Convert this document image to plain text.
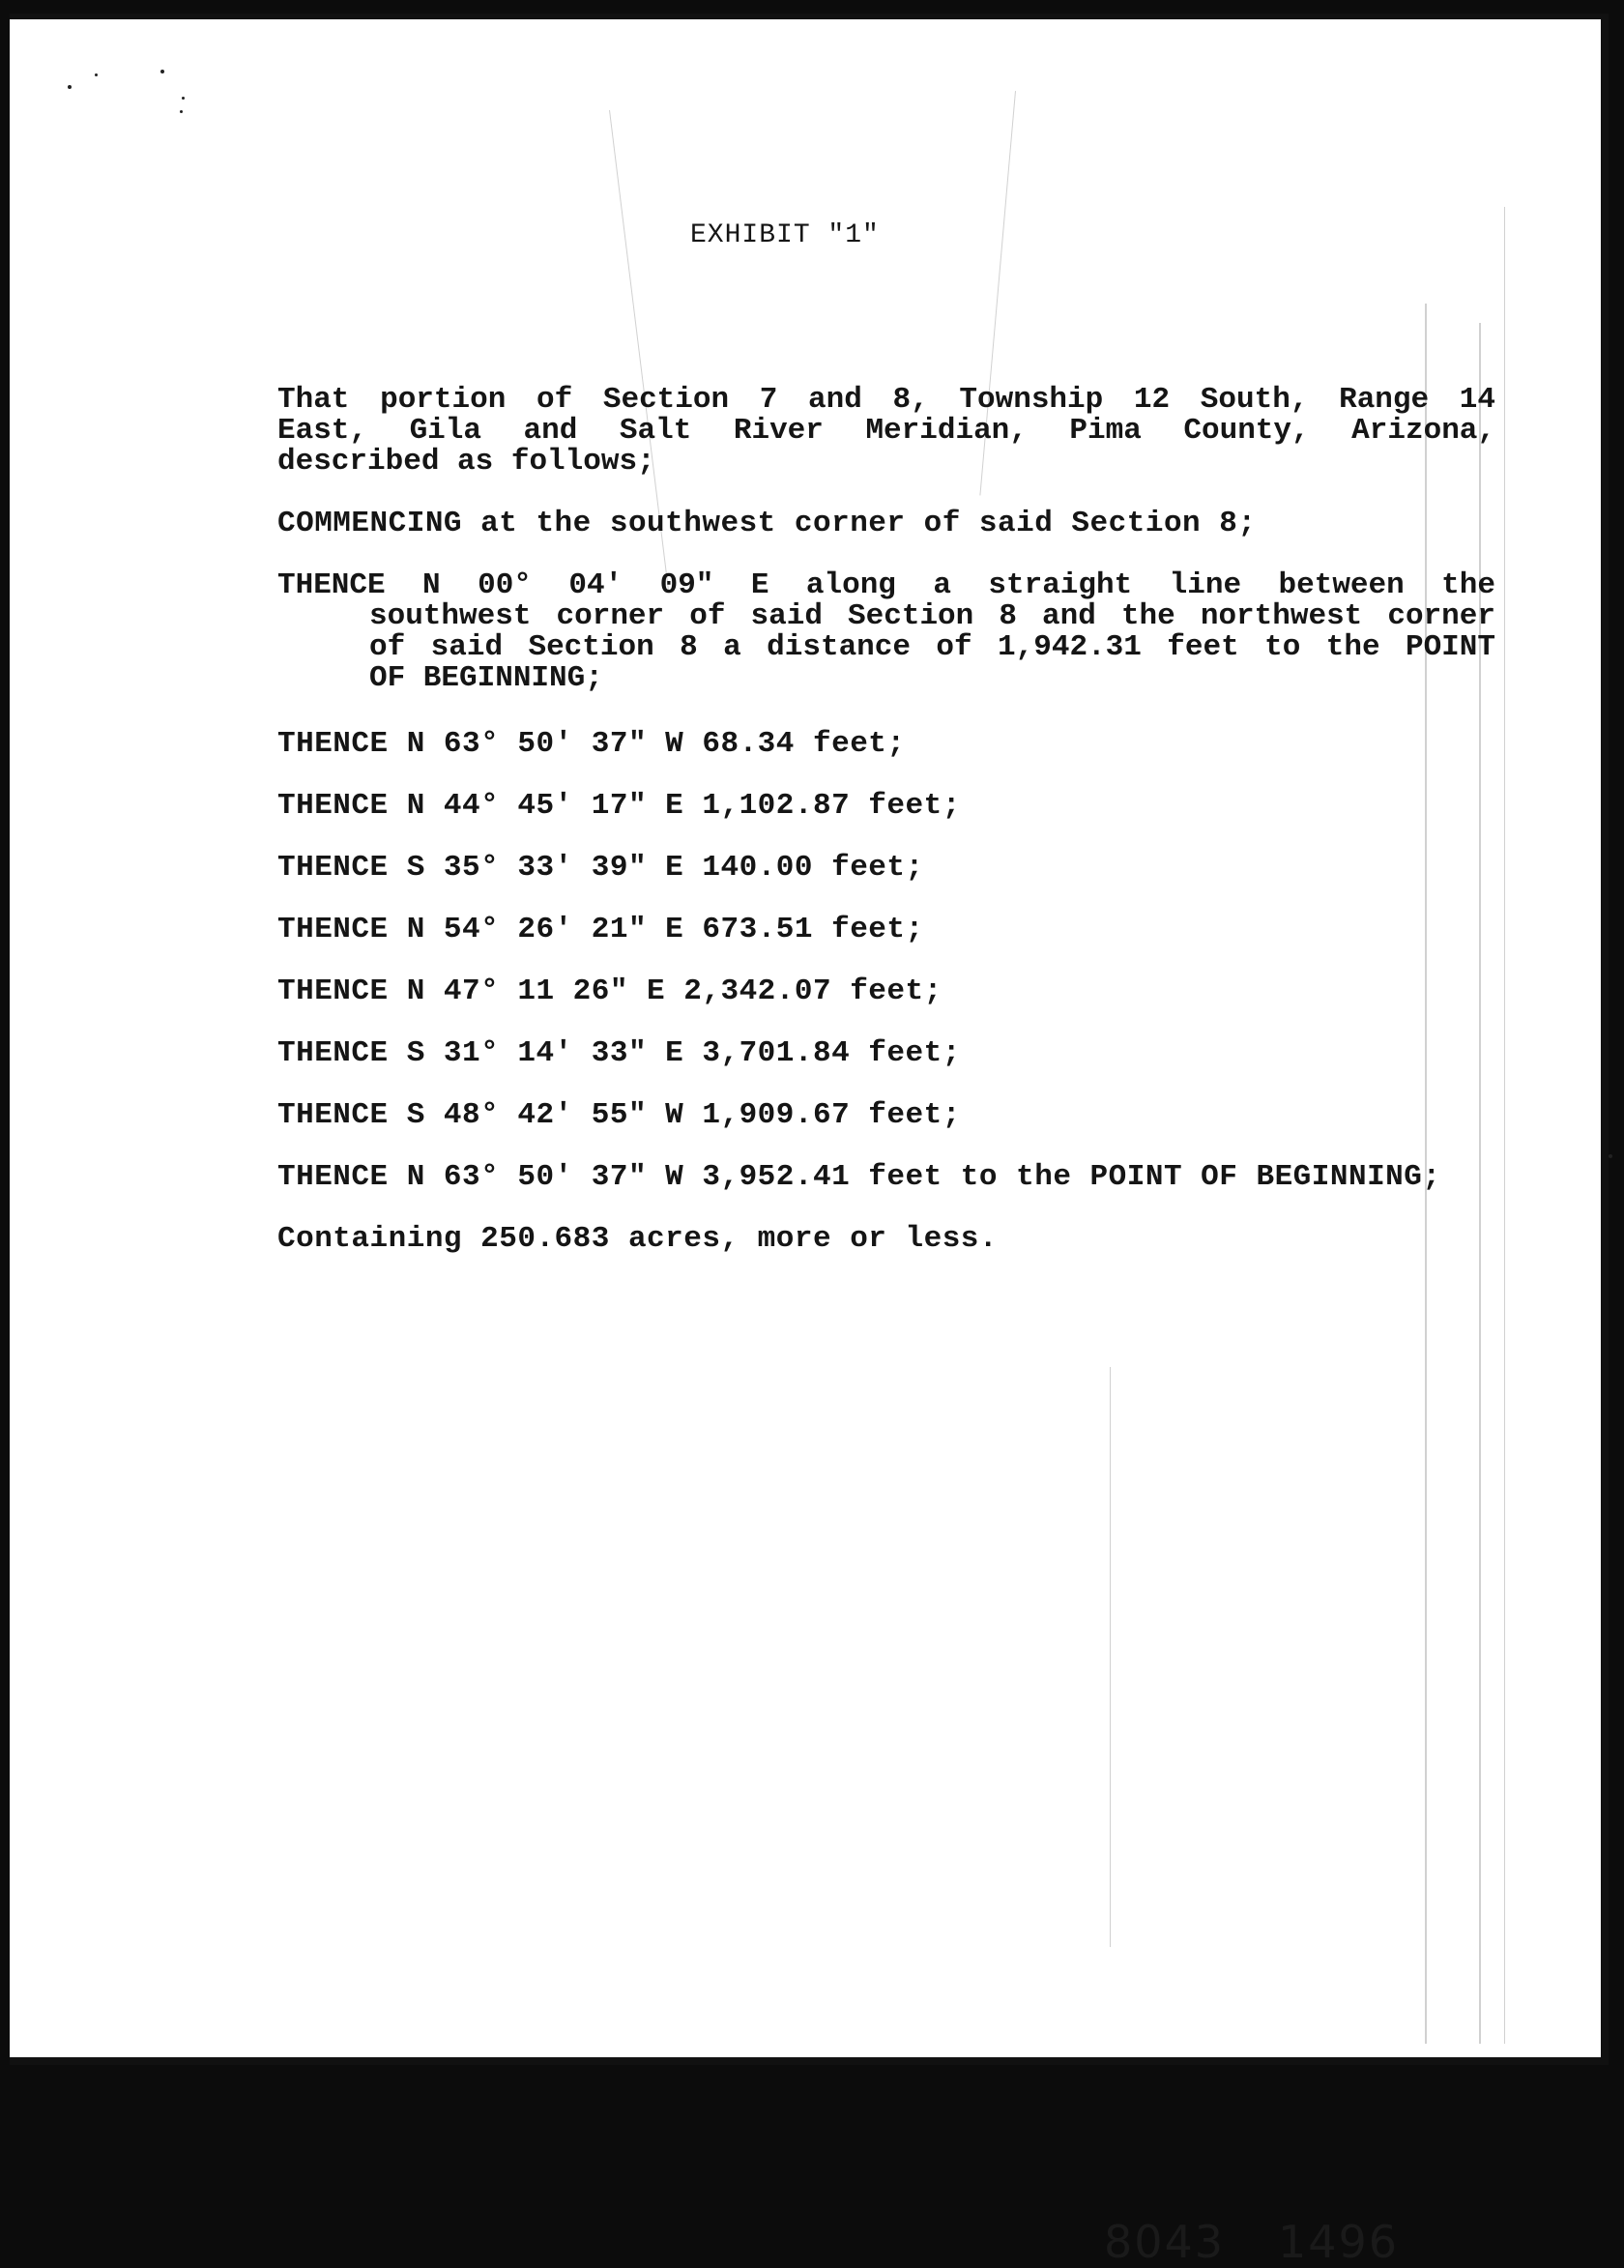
EXHIBIT "1"
That portion of Section 7 and 8, Township 12 South, Range 14
East, Gila and Salt River Meridian, Pima County, Arizona,
described as follows;
COMMENCING at the southwest corner of said Section 8;
THENCE N 00° 04' 09" E along a straight line between the
southwest corner of said Section 8 and the northwest corner
of said Section 8 a distance of 1,942.31 feet to the POINT
OF BEGINNING;
THENCE N 63° 50' 37" W 68.34 feet;
THENCE N 44° 45' 17" E 1,102.87 feet;
THENCE S 35° 33' 39" E 140.00 feet;
THENCE N 54° 26' 21" E 673.51 feet;
THENCE N 47° 11 26" E 2,342.07 feet;
THENCE S 31° 14' 33" E 3,701.84 feet;
THENCE S 48° 42' 55" W 1,909.67 feet;
THENCE N 63° 50' 37" W 3,952.41 feet to the POINT OF BEGINNING;
Containing 250.683 acres, more or less.
8043 1496
